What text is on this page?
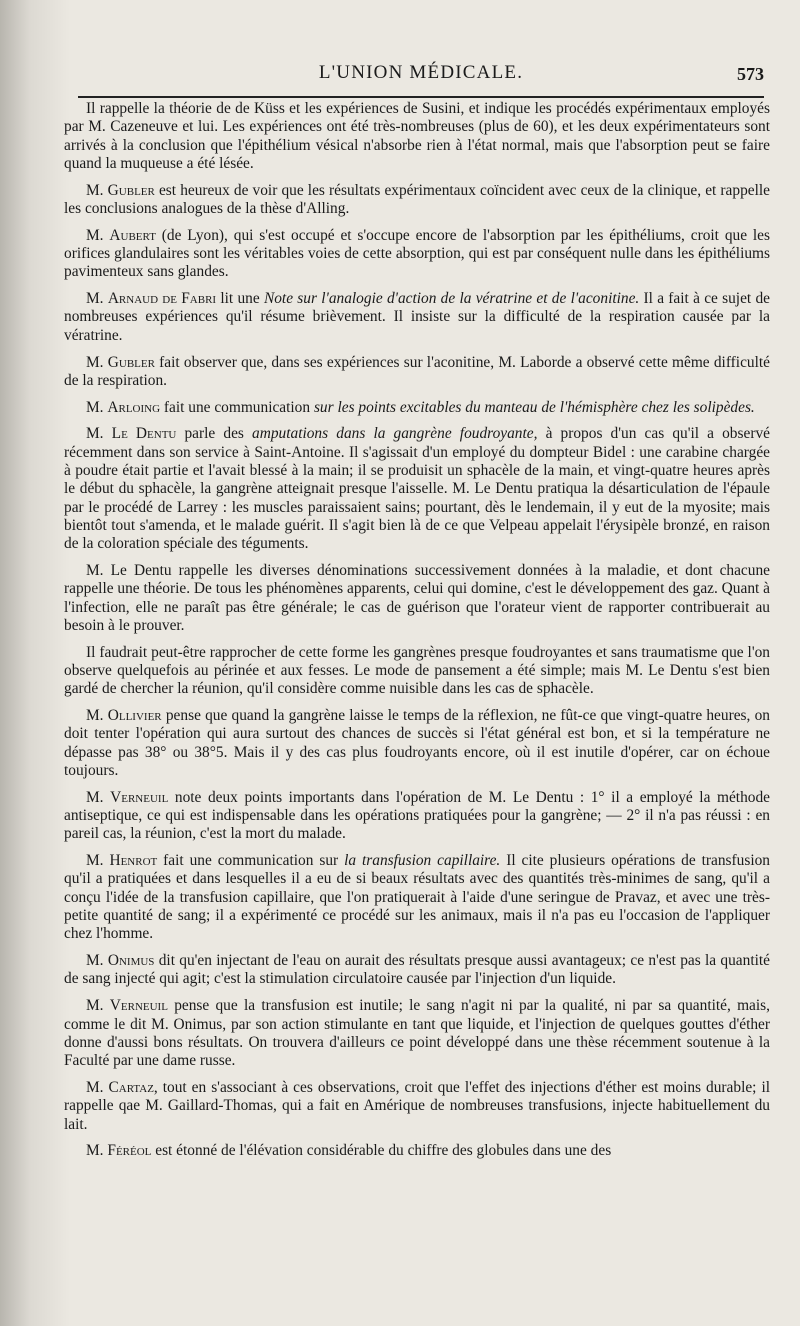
L'UNION MÉDICALE.	573

Il rappelle la théorie de de Küss et les expériences de Susini, et indique les procédés expérimentaux employés par M. Cazeneuve et lui. Les expériences ont été très-nombreuses (plus de 60), et les deux expérimentateurs sont arrivés à la conclusion que l'épithélium vésical n'absorbe rien à l'état normal, mais que l'absorption peut se faire quand la muqueuse a été lésée.

M. Gubler est heureux de voir que les résultats expérimentaux coïncident avec ceux de la clinique, et rappelle les conclusions analogues de la thèse d'Alling.

M. Aubert (de Lyon), qui s'est occupé et s'occupe encore de l'absorption par les épithéliums, croit que les orifices glandulaires sont les véritables voies de cette absorption, qui est par conséquent nulle dans les épithéliums pavimenteux sans glandes.

M. Arnaud de Fabri lit une Note sur l'analogie d'action de la vératrine et de l'aconitine. Il a fait à ce sujet de nombreuses expériences qu'il résume brièvement. Il insiste sur la difficulté de la respiration causée par la vératrine.

M. Gubler fait observer que, dans ses expériences sur l'aconitine, M. Laborde a observé cette même difficulté de la respiration.

M. Arloing fait une communication sur les points excitables du manteau de l'hémisphère chez les solipèdes.

M. Le Dentu parle des amputations dans la gangrène foudroyante, à propos d'un cas qu'il a observé récemment dans son service à Saint-Antoine. Il s'agissait d'un employé du dompteur Bidel : une carabine chargée à poudre était partie et l'avait blessé à la main; il se produisit un sphacèle de la main, et vingt-quatre heures après le début du sphacèle, la gangrène atteignait presque l'aisselle. M. Le Dentu pratiqua la désarticulation de l'épaule par le procédé de Larrey : les muscles paraissaient sains; pourtant, dès le lendemain, il y eut de la myosite; mais bientôt tout s'amenda, et le malade guérit. Il s'agit bien là de ce que Velpeau appelait l'érysipèle bronzé, en raison de la coloration spéciale des téguments.

M. Le Dentu rappelle les diverses dénominations successivement données à la maladie, et dont chacune rappelle une théorie. De tous les phénomènes apparents, celui qui domine, c'est le développement des gaz. Quant à l'infection, elle ne paraît pas être générale; le cas de guérison que l'orateur vient de rapporter contribuerait au besoin à le prouver.

Il faudrait peut-être rapprocher de cette forme les gangrènes presque foudroyantes et sans traumatisme que l'on observe quelquefois au périnée et aux fesses. Le mode de pansement a été simple; mais M. Le Dentu s'est bien gardé de chercher la réunion, qu'il considère comme nuisible dans les cas de sphacèle.

M. Ollivier pense que quand la gangrène laisse le temps de la réflexion, ne fût-ce que vingt-quatre heures, on doit tenter l'opération qui aura surtout des chances de succès si l'état général est bon, et si la température ne dépasse pas 38° ou 38°5. Mais il y des cas plus foudroyants encore, où il est inutile d'opérer, car on échoue toujours.

M. Verneuil note deux points importants dans l'opération de M. Le Dentu : 1° il a employé la méthode antiseptique, ce qui est indispensable dans les opérations pratiquées pour la gangrène; — 2° il n'a pas réussi : en pareil cas, la réunion, c'est la mort du malade.

M. Henrot fait une communication sur la transfusion capillaire. Il cite plusieurs opérations de transfusion qu'il a pratiquées et dans lesquelles il a eu de si beaux résultats avec des quantités très-minimes de sang, qu'il a conçu l'idée de la transfusion capillaire, que l'on pratiquerait à l'aide d'une seringue de Pravaz, et avec une très-petite quantité de sang; il a expérimenté ce procédé sur les animaux, mais il n'a pas eu l'occasion de l'appliquer chez l'homme.

M. Onimus dit qu'en injectant de l'eau on aurait des résultats presque aussi avantageux; ce n'est pas la quantité de sang injecté qui agit; c'est la stimulation circulatoire causée par l'injection d'un liquide.

M. Verneuil pense que la transfusion est inutile; le sang n'agit ni par la qualité, ni par sa quantité, mais, comme le dit M. Onimus, par son action stimulante en tant que liquide, et l'injection de quelques gouttes d'éther donne d'aussi bons résultats. On trouvera d'ailleurs ce point développé dans une thèse récemment soutenue à la Faculté par une dame russe.

M. Cartaz, tout en s'associant à ces observations, croit que l'effet des injections d'éther est moins durable; il rappelle qae M. Gaillard-Thomas, qui a fait en Amérique de nombreuses transfusions, injecte habituellement du lait.

M. Féréol est étonné de l'élévation considérable du chiffre des globules dans une des
